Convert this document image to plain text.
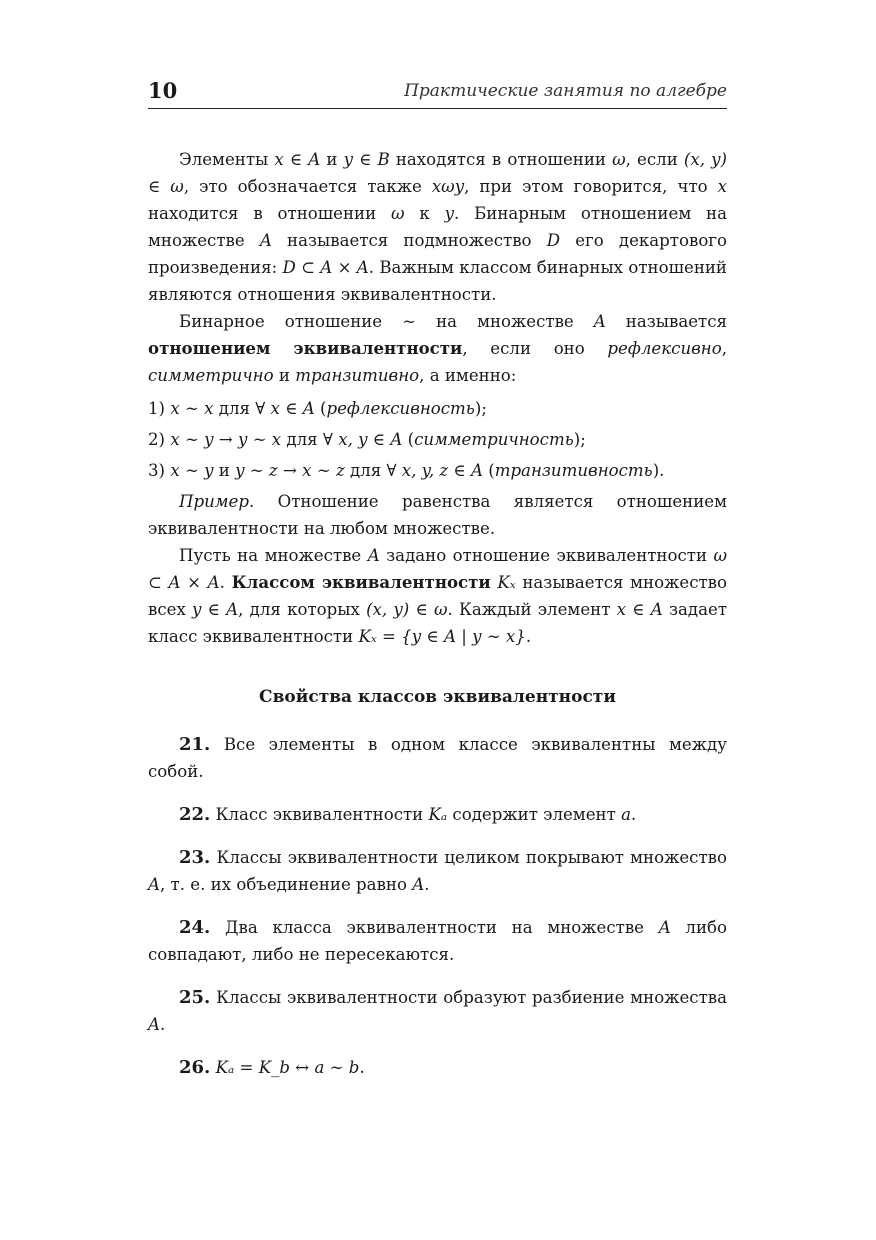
10	Практические занятия по алгебре

Элементы x ∈ A и y ∈ B находятся в отношении ω, если (x, y) ∈ ω, это обозначается также xωy, при этом говорится, что x находится в отношении ω к y. Бинарным отношением на множестве A называется подмножество D его декартового произведения: D ⊂ A × A. Важным классом бинарных отношений являются отношения эквивалентности.

Бинарное отношение ∼ на множестве A называется отношением эквивалентности, если оно рефлексивно, симметрично и транзитивно, а именно:

1) x ∼ x для ∀ x ∈ A (рефлексивность);

2) x ∼ y → y ∼ x для ∀ x, y ∈ A (симметричность);

3) x ∼ y и y ∼ z → x ∼ z для ∀ x, y, z ∈ A (транзитивность).

Пример. Отношение равенства является отношением эквивалентности на любом множестве.

Пусть на множестве A задано отношение эквивалентности ω ⊂ A × A. Классом эквивалентности Kₓ называется множество всех y ∈ A, для которых (x, y) ∈ ω. Каждый элемент x ∈ A задает класс эквивалентности Kₓ = {y ∈ A | y ∼ x}.

Свойства классов эквивалентности

21. Все элементы в одном классе эквивалентны между собой.

22. Класс эквивалентности Kₐ содержит элемент a.

23. Классы эквивалентности целиком покрывают множество A, т. е. их объединение равно A.

24. Два класса эквивалентности на множестве A либо совпадают, либо не пересекаются.

25. Классы эквивалентности образуют разбиение множества A.

26. Kₐ = K_b ↔ a ∼ b.
